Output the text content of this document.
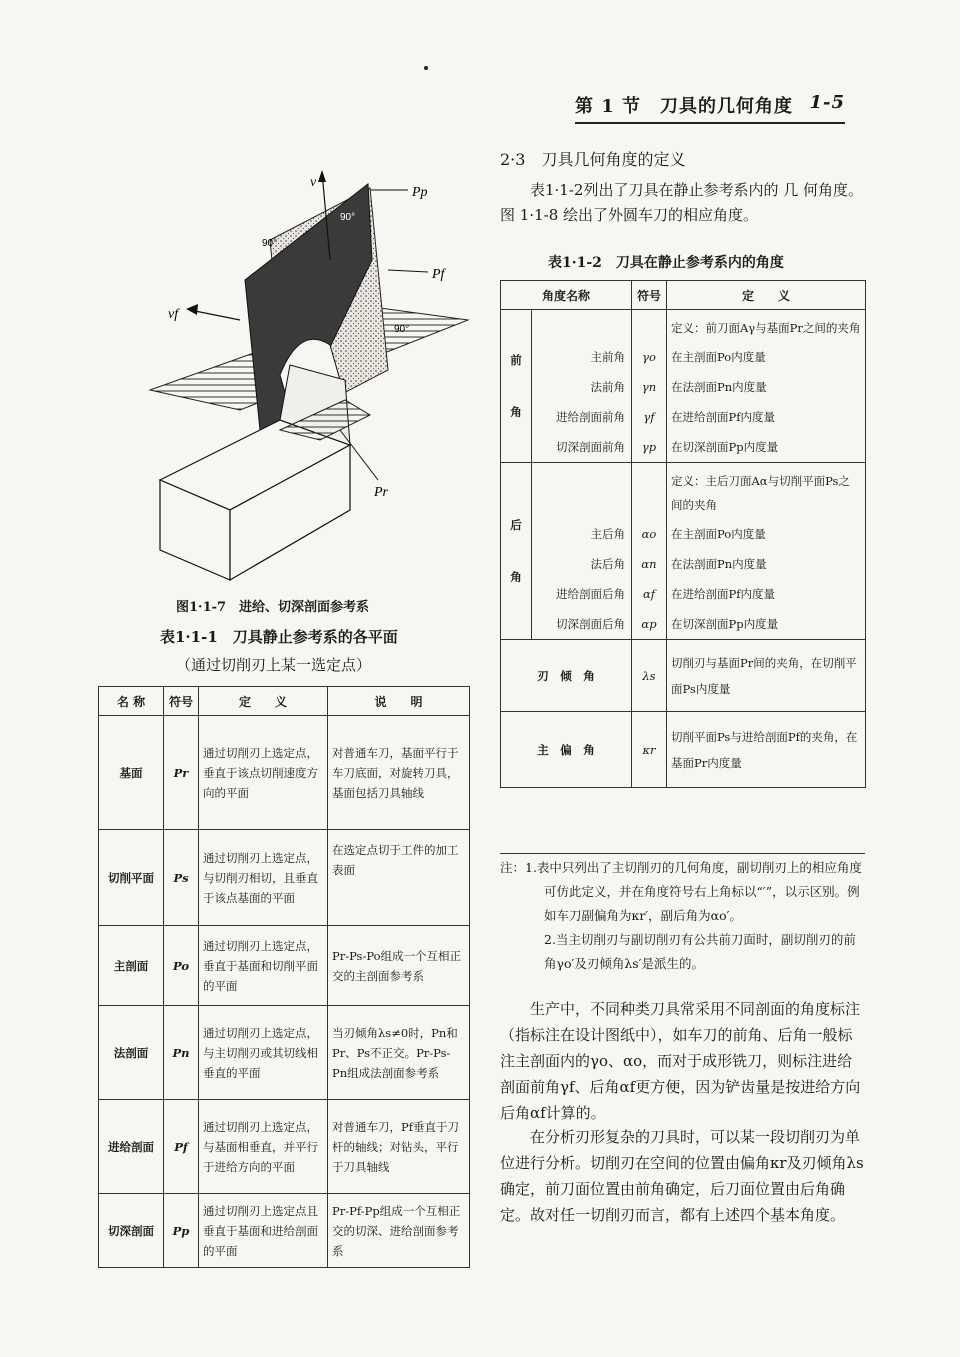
第 1 节　刀具的几何角度 1-5
Pp
Pf
Pr
vf
v
90°
90°
90°
图1·1-7　进给、切深剖面参考系
表1·1-1　刀具静止参考系的各平面
（通过切削刃上某一选定点）
名 称	符号	定　　义	说　　明
基面	Pr	通过切削刃上选定点，垂直于该点切削速度方向的平面	对普通车刀，基面平行于车刀底面，对旋转刀具，基面包括刀具轴线
切削平面	Ps	通过切削刃上选定点，与切削刃相切，且垂直于该点基面的平面	在选定点切于工件的加工表面
主剖面	Po	通过切削刃上选定点，垂直于基面和切削平面的平面	Pr-Ps-Po组成一个互相正交的主剖面参考系
法剖面	Pn	通过切削刃上选定点，与主切削刃或其切线相垂直的平面	当刃倾角λs≠0时，Pn和Pr、Ps不正交。Pr-Ps-Pn组成法剖面参考系
进给剖面	Pf	通过切削刃上选定点，与基面相垂直，并平行于进给方向的平面	对普通车刀，Pf垂直于刀杆的轴线；对钻头，平行于刀具轴线
切深剖面	Pp	通过切削刃上选定点且垂直于基面和进给剖面的平面	Pr-Pf-Pp组成一个互相正交的切深、进给剖面参考系
2·3　刀具几何角度的定义
表1·1-2列出了刀具在静止参考系内的 几 何角度。图 1·1-8 绘出了外圆车刀的相应角度。
表1·1-2　刀具在静止参考系内的角度
角度名称		符号	定　　义
前

角			定义：前刀面Aγ与基面Pr之间的夹角
	主前角	γo	在主剖面Po内度量
	法前角	γn	在法剖面Pn内度量
	进给剖面前角	γf	在进给剖面Pf内度量
	切深剖面前角	γp	在切深剖面Pp内度量
后

角			定义：主后刀面Aα与切削平面Ps之间的夹角
	主后角	αo	在主剖面Po内度量
	法后角	αn	在法剖面Pn内度量
	进给剖面后角	αf	在进给剖面Pf内度量
	切深剖面后角	αp	在切深剖面Pp内度量
刃　倾　角		λs	切削刃与基面Pr间的夹角，在切削平面Ps内度量
主　偏　角		κr	切削平面Ps与进给剖面Pf的夹角，在基面Pr内度量
注：1.表中只列出了主切削刃的几何角度，副切削刃上的相应角度可仿此定义，并在角度符号右上角标以“′”，以示区别。例如车刀副偏角为κr′，副后角为αo′。
2.当主切削刃与副切削刃有公共前刀面时，副切削刃的前角γo′及刃倾角λs′是派生的。
生产中，不同种类刀具常采用不同剖面的角度标注（指标注在设计图纸中），如车刀的前角、后角一般标注主剖面内的γo、αo，而对于成形铣刀，则标注进给剖面前角γf、后角αf更方便，因为铲齿量是按进给方向后角αf计算的。
在分析刃形复杂的刀具时，可以某一段切削刃为单位进行分析。切削刃在空间的位置由偏角κr及刃倾角λs确定，前刀面位置由前角确定，后刀面位置由后角确定。故对任一切削刃而言，都有上述四个基本角度。
